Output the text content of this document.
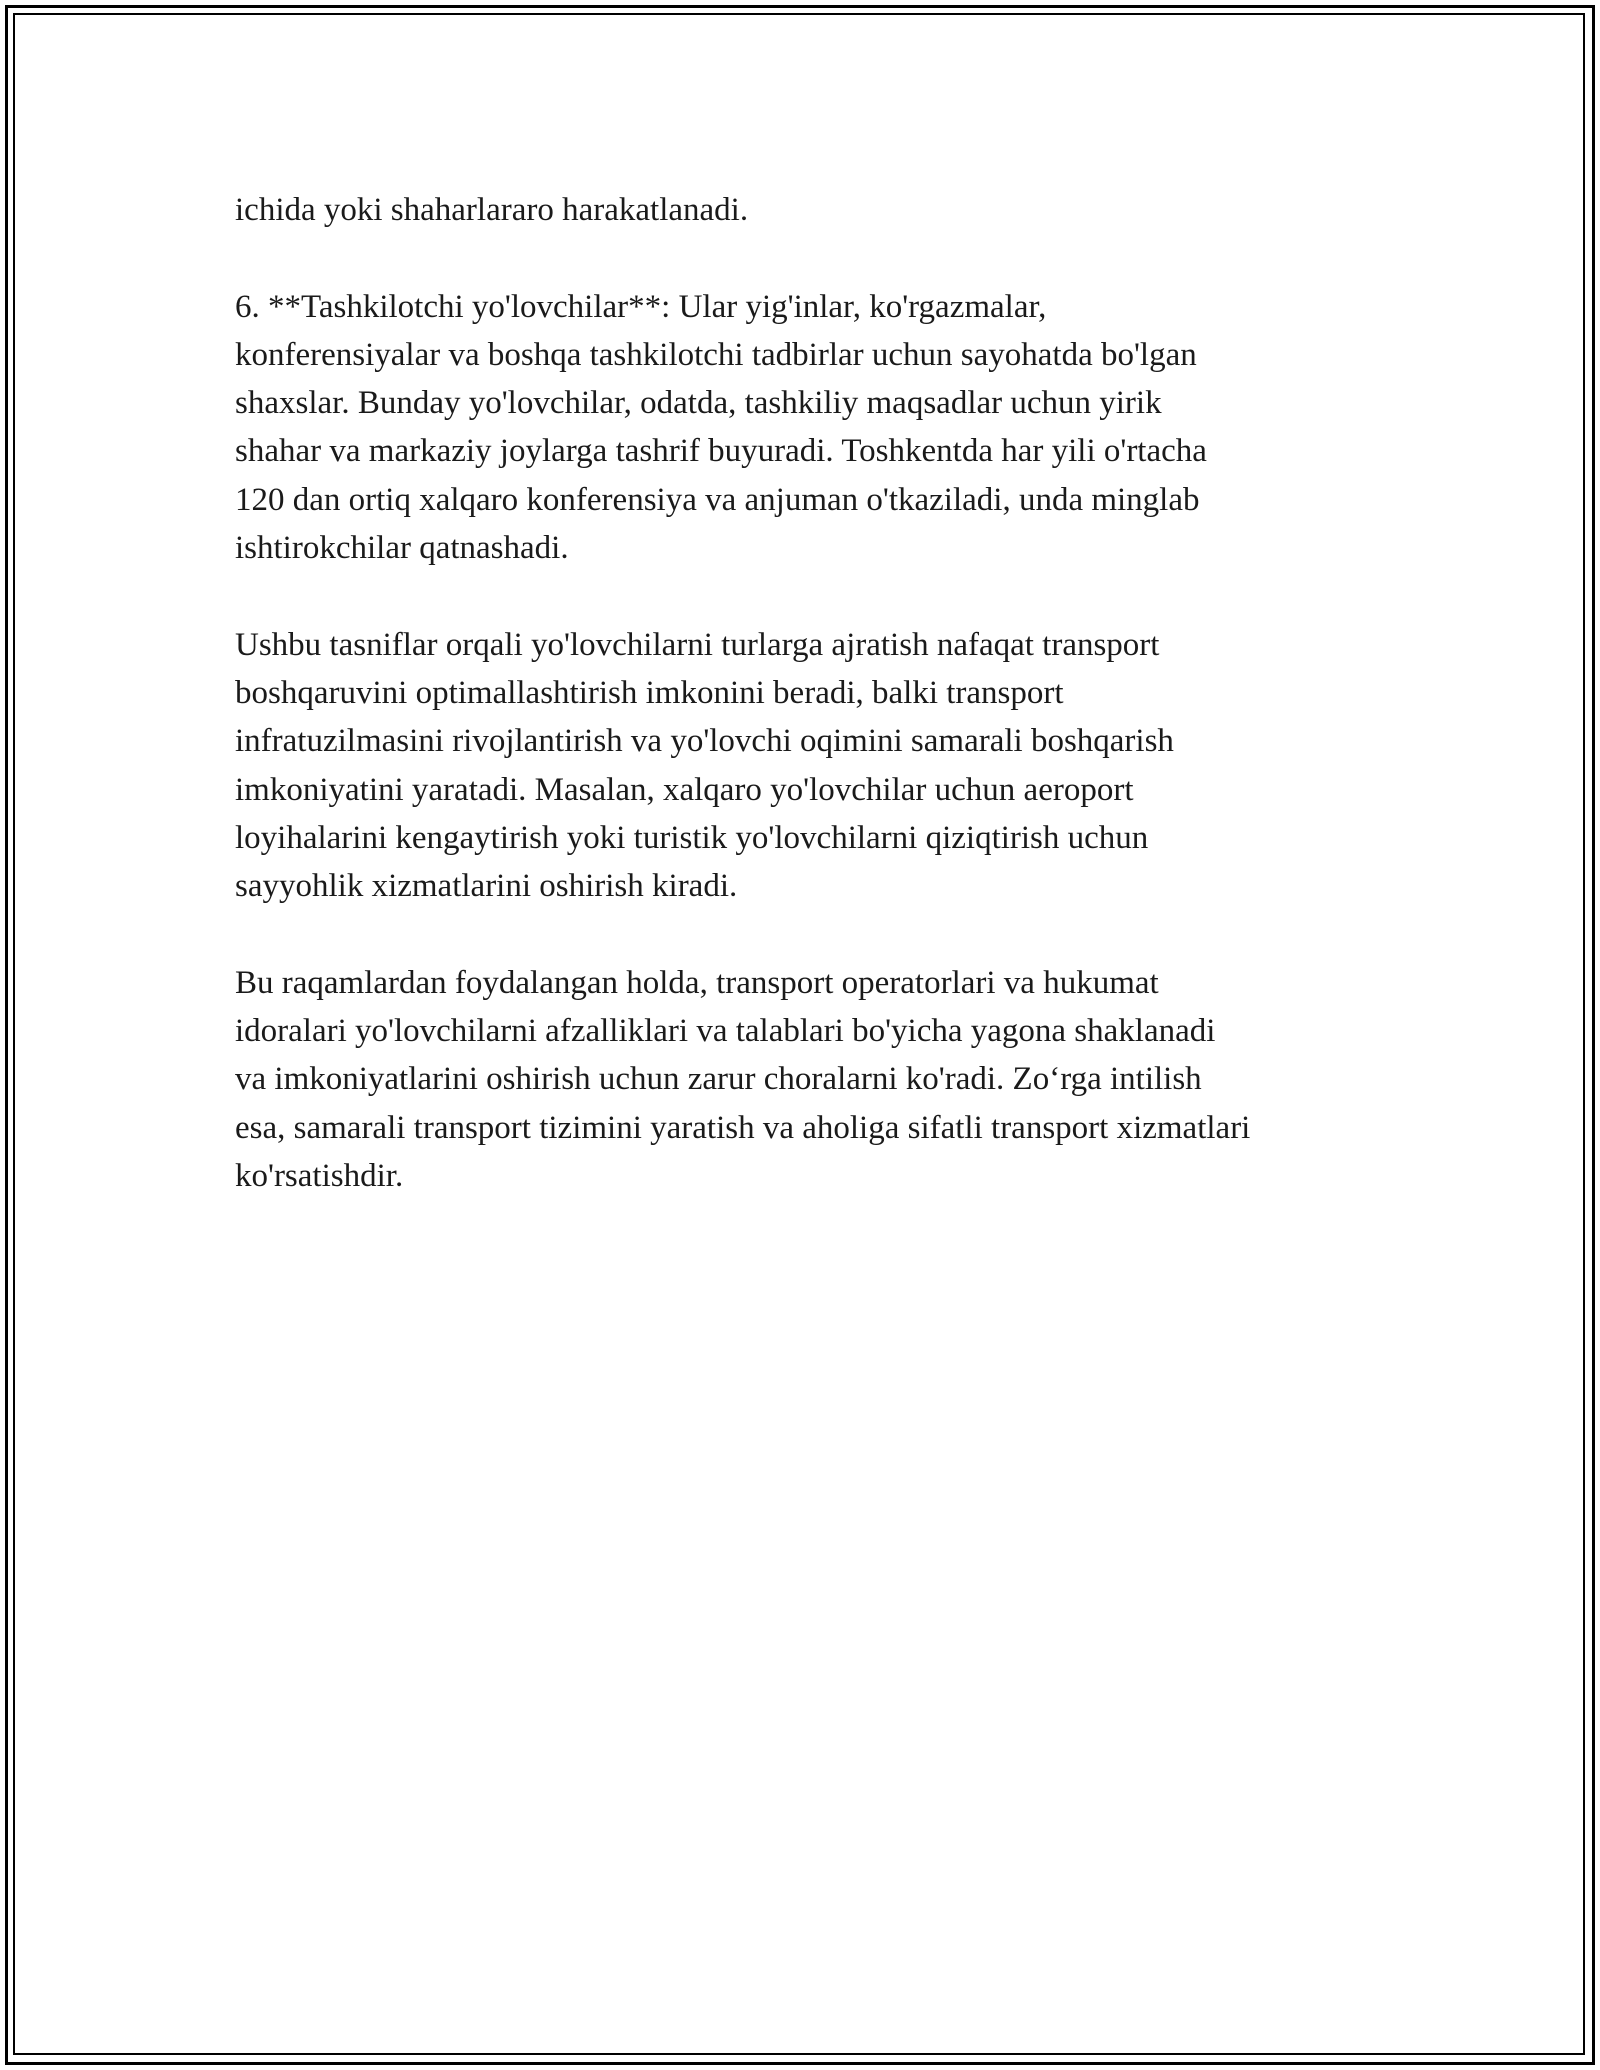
ichida yoki shaharlararo harakatlanadi.

6. **Tashkilotchi yo'lovchilar**: Ular yig'inlar, ko'rgazmalar,
konferensiyalar va boshqa tashkilotchi tadbirlar uchun sayohatda bo'lgan
shaxslar. Bunday yo'lovchilar, odatda, tashkiliy maqsadlar uchun yirik
shahar va markaziy joylarga tashrif buyuradi. Toshkentda har yili o'rtacha
120 dan ortiq xalqaro konferensiya va anjuman o'tkaziladi, unda minglab
ishtirokchilar qatnashadi.

Ushbu tasniflar orqali yo'lovchilarni turlarga ajratish nafaqat transport
boshqaruvini optimallashtirish imkonini beradi, balki transport
infratuzilmasini rivojlantirish va yo'lovchi oqimini samarali boshqarish
imkoniyatini yaratadi. Masalan, xalqaro yo'lovchilar uchun aeroport
loyihalarini kengaytirish yoki turistik yo'lovchilarni qiziqtirish uchun
sayyohlik xizmatlarini oshirish kiradi.

Bu raqamlardan foydalangan holda, transport operatorlari va hukumat
idoralari yo'lovchilarni afzalliklari va talablari bo'yicha yagona shaklanadi
va imkoniyatlarini oshirish uchun zarur choralarni ko'radi. Zo‘rga intilish
esa, samarali transport tizimini yaratish va aholiga sifatli transport xizmatlari
ko'rsatishdir.
